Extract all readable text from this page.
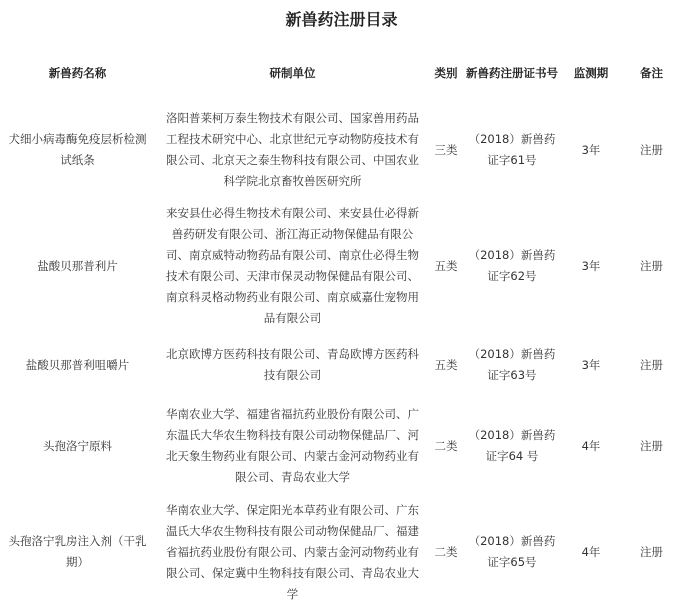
新兽药注册目录
新兽药名称	研制单位	类别	新兽药注册证书号	监测期	备注
犬细小病毒酶免疫层析检测试纸条	洛阳普莱柯万泰生物技术有限公司、国家兽用药品工程技术研究中心、北京世纪元亨动物防疫技术有限公司、北京天之泰生物科技有限公司、中国农业科学院北京畜牧兽医研究所	三类	（2018）新兽药证字61号	3年	注册
盐酸贝那普利片	来安县仕必得生物技术有限公司、来安县仕必得新兽药研发有限公司、浙江海正动物保健品有限公司、南京威特动物药品有限公司、南京仕必得生物技术有限公司、天津市保灵动物保健品有限公司、南京科灵格动物药业有限公司、南京威嘉仕宠物用品有限公司	五类	（2018）新兽药证字62号	3年	注册
盐酸贝那普利咀嚼片	北京欧博方医药科技有限公司、青岛欧博方医药科技有限公司	五类	（2018）新兽药证字63号	3年	注册
头孢洛宁原料	华南农业大学、福建省福抗药业股份有限公司、广东温氏大华农生物科技有限公司动物保健品厂、河北天象生物药业有限公司、内蒙古金河动物药业有限公司、青岛农业大学	二类	（2018）新兽药证字64 号	4年	注册
头孢洛宁乳房注入剂（干乳期）	华南农业大学、保定阳光本草药业有限公司、广东温氏大华农生物科技有限公司动物保健品厂、福建省福抗药业股份有限公司、内蒙古金河动物药业有限公司、保定冀中生物科技有限公司、青岛农业大学	二类	（2018）新兽药证字65号	4年	注册
